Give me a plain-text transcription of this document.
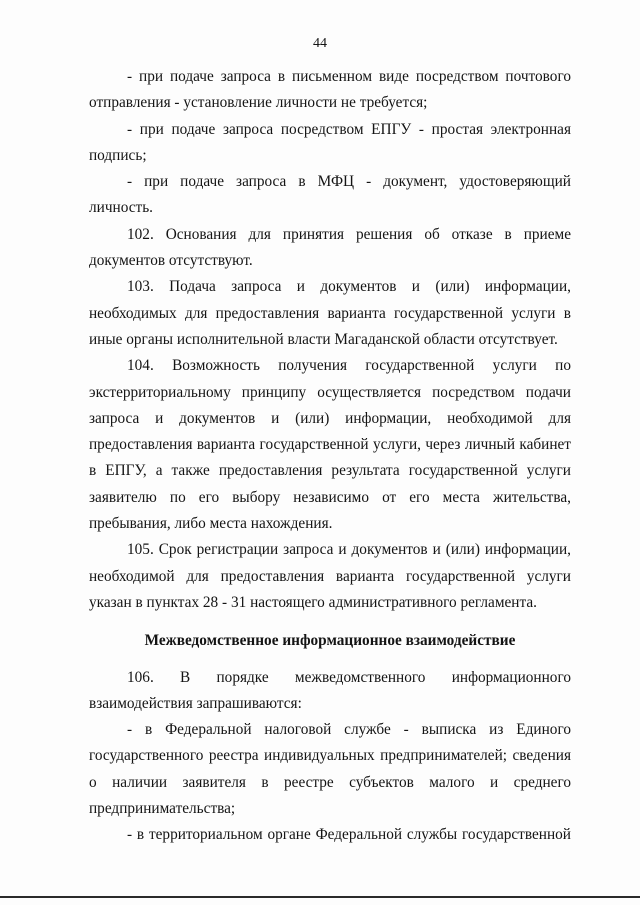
44

- при подаче запроса в письменном виде посредством почтового отправления - установление личности не требуется;

- при подаче запроса посредством ЕПГУ - простая электронная подпись;

- при подаче запроса в МФЦ - документ, удостоверяющий личность.

102. Основания для принятия решения об отказе в приеме документов отсутствуют.

103. Подача запроса и документов и (или) информации, необходимых для предоставления варианта государственной услуги в иные органы исполнительной власти Магаданской области отсутствует.

104. Возможность получения государственной услуги по экстерриториальному принципу осуществляется посредством подачи запроса и документов и (или) информации, необходимой для предоставления варианта государственной услуги, через личный кабинет в ЕПГУ, а также предоставления результата государственной услуги заявителю по его выбору независимо от его места жительства, пребывания, либо места нахождения.

105. Срок регистрации запроса и документов и (или) информации, необходимой для предоставления варианта государственной услуги указан в пунктах 28 - 31 настоящего административного регламента.

Межведомственное информационное взаимодействие

106. В порядке межведомственного информационного взаимодействия запрашиваются:

- в Федеральной налоговой службе - выписка из Единого государственного реестра индивидуальных предпринимателей; сведения о наличии заявителя в реестре субъектов малого и среднего предпринимательства;

- в территориальном органе Федеральной службы государственной
